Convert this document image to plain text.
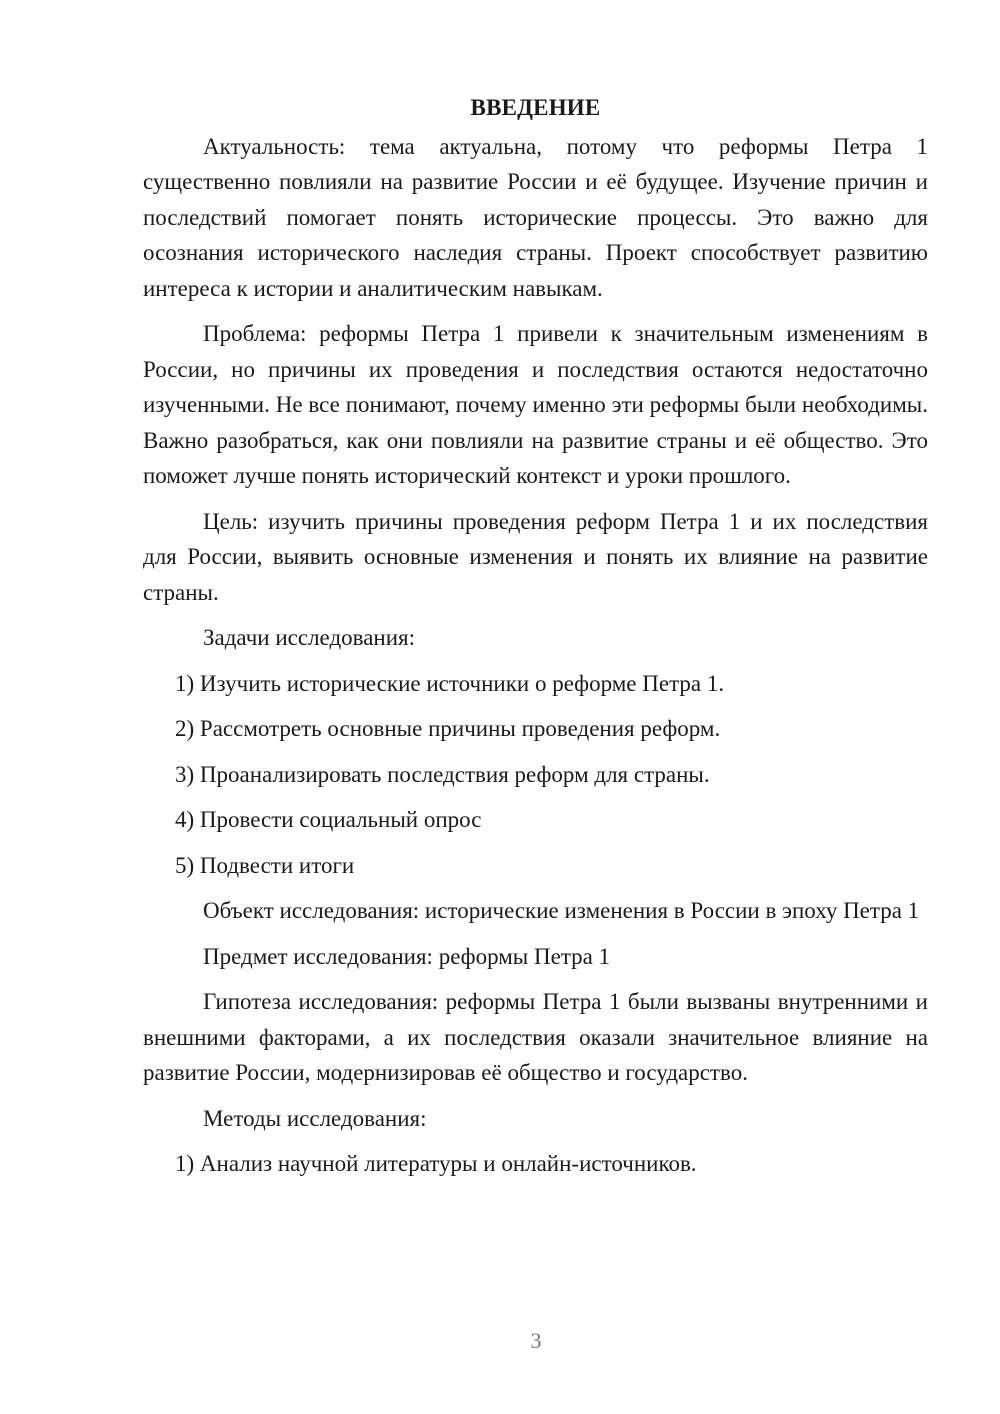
ВВЕДЕНИЕ

Актуальность: тема актуальна, потому что реформы Петра 1 существенно повлияли на развитие России и её будущее. Изучение причин и последствий помогает понять исторические процессы. Это важно для осознания исторического наследия страны. Проект способствует развитию интереса к истории и аналитическим навыкам.

Проблема: реформы Петра 1 привели к значительным изменениям в России, но причины их проведения и последствия остаются недостаточно изученными. Не все понимают, почему именно эти реформы были необходимы. Важно разобраться, как они повлияли на развитие страны и её общество. Это поможет лучше понять исторический контекст и уроки прошлого.

Цель: изучить причины проведения реформ Петра 1 и их последствия для России, выявить основные изменения и понять их влияние на развитие страны.

Задачи исследования:

1) Изучить исторические источники о реформе Петра 1.
2) Рассмотреть основные причины проведения реформ.
3) Проанализировать последствия реформ для страны.
4) Провести социальный опрос
5) Подвести итоги

Объект исследования: исторические изменения в России в эпоху Петра 1

Предмет исследования: реформы Петра 1

Гипотеза исследования: реформы Петра 1 были вызваны внутренними и внешними факторами, а их последствия оказали значительное влияние на развитие России, модернизировав её общество и государство.

Методы исследования:

1) Анализ научной литературы и онлайн-источников.
3
